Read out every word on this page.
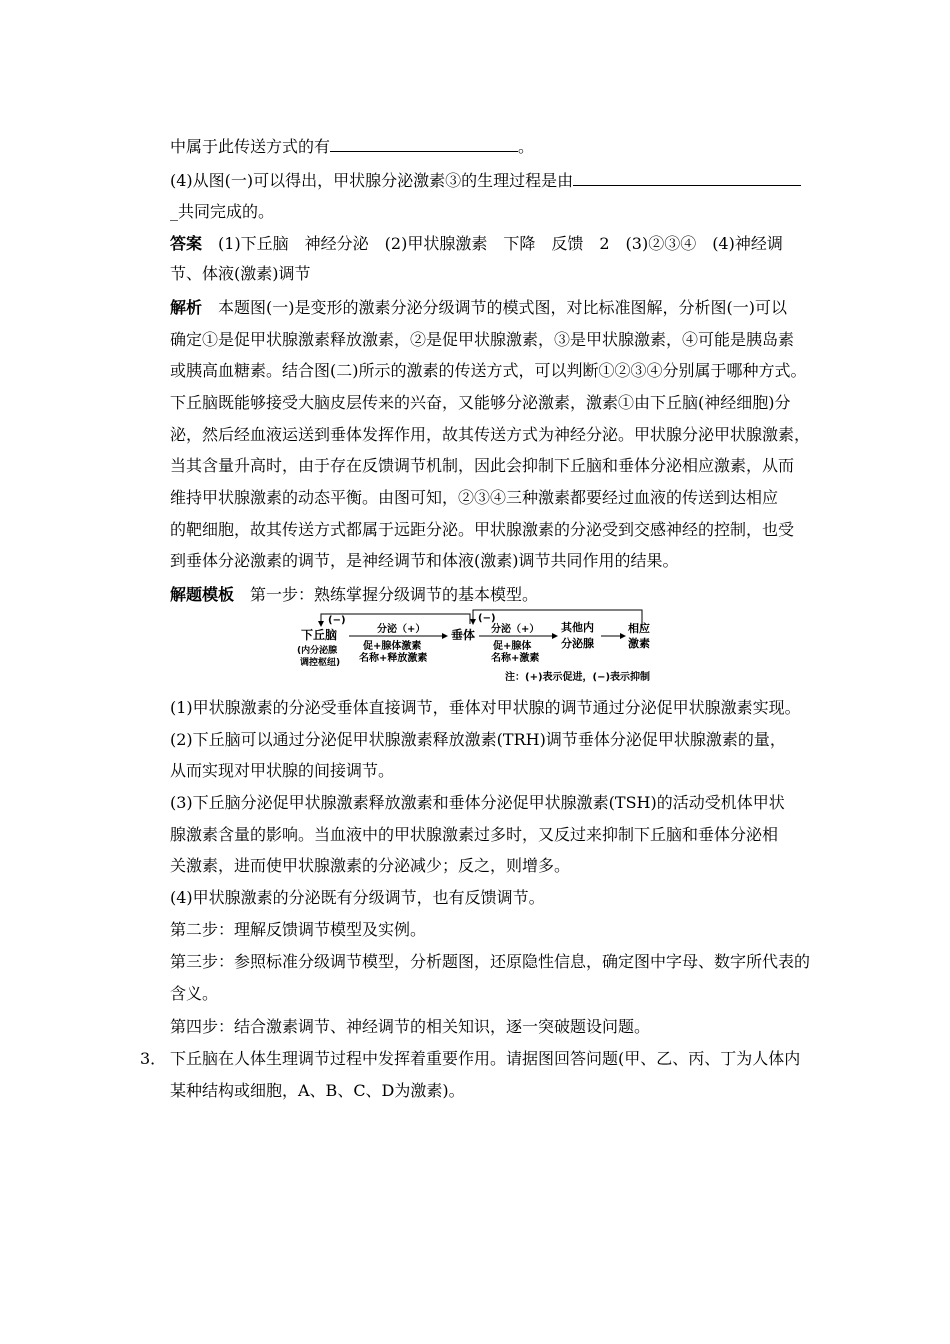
中属于此传送方式的有	。
(4)从图(一)可以得出，甲状腺分泌激素③的生理过程是由
_共同完成的。
答案　(1)下丘脑　神经分泌　(2)甲状腺激素　下降　反馈　2　(3)②③④　(4)神经调
节、体液(激素)调节
解析　本题图(一)是变形的激素分泌分级调节的模式图，对比标准图解，分析图(一)可以
确定①是促甲状腺激素释放激素，②是促甲状腺激素，③是甲状腺激素，④可能是胰岛素
或胰高血糖素。结合图(二)所示的激素的传送方式，可以判断①②③④分别属于哪种方式。
下丘脑既能够接受大脑皮层传来的兴奋，又能够分泌激素，激素①由下丘脑(神经细胞)分
泌，然后经血液运送到垂体发挥作用，故其传送方式为神经分泌。甲状腺分泌甲状腺激素，
当其含量升高时，由于存在反馈调节机制，因此会抑制下丘脑和垂体分泌相应激素，从而
维持甲状腺激素的动态平衡。由图可知，②③④三种激素都要经过血液的传送到达相应
的靶细胞，故其传送方式都属于远距分泌。甲状腺激素的分泌受到交感神经的控制，也受
到垂体分泌激素的调节，是神经调节和体液(激素)调节共同作用的结果。
解题模板　第一步：熟练掌握分级调节的基本模型。
(−)	(−)
下丘脑
(内分泌腺
调控枢纽)
分泌（+）
促+腺体激素
名称+释放激素
垂体 分泌（+）
促+腺体
名称+激素
其他内
分泌腺
相应
激素
注：(+)表示促进，(−)表示抑制
(1)甲状腺激素的分泌受垂体直接调节，垂体对甲状腺的调节通过分泌促甲状腺激素实现。
(2)下丘脑可以通过分泌促甲状腺激素释放激素(TRH)调节垂体分泌促甲状腺激素的量，
从而实现对甲状腺的间接调节。
(3)下丘脑分泌促甲状腺激素释放激素和垂体分泌促甲状腺激素(TSH)的活动受机体甲状
腺激素含量的影响。当血液中的甲状腺激素过多时，又反过来抑制下丘脑和垂体分泌相
关激素，进而使甲状腺激素的分泌减少；反之，则增多。
(4)甲状腺激素的分泌既有分级调节，也有反馈调节。
第二步：理解反馈调节模型及实例。
第三步：参照标准分级调节模型，分析题图，还原隐性信息，确定图中字母、数字所代表的
含义。
第四步：结合激素调节、神经调节的相关知识，逐一突破题设问题。
3． 下丘脑在人体生理调节过程中发挥着重要作用。请据图回答问题(甲、乙、丙、丁为人体内
某种结构或细胞，A、B、C、D为激素)。
